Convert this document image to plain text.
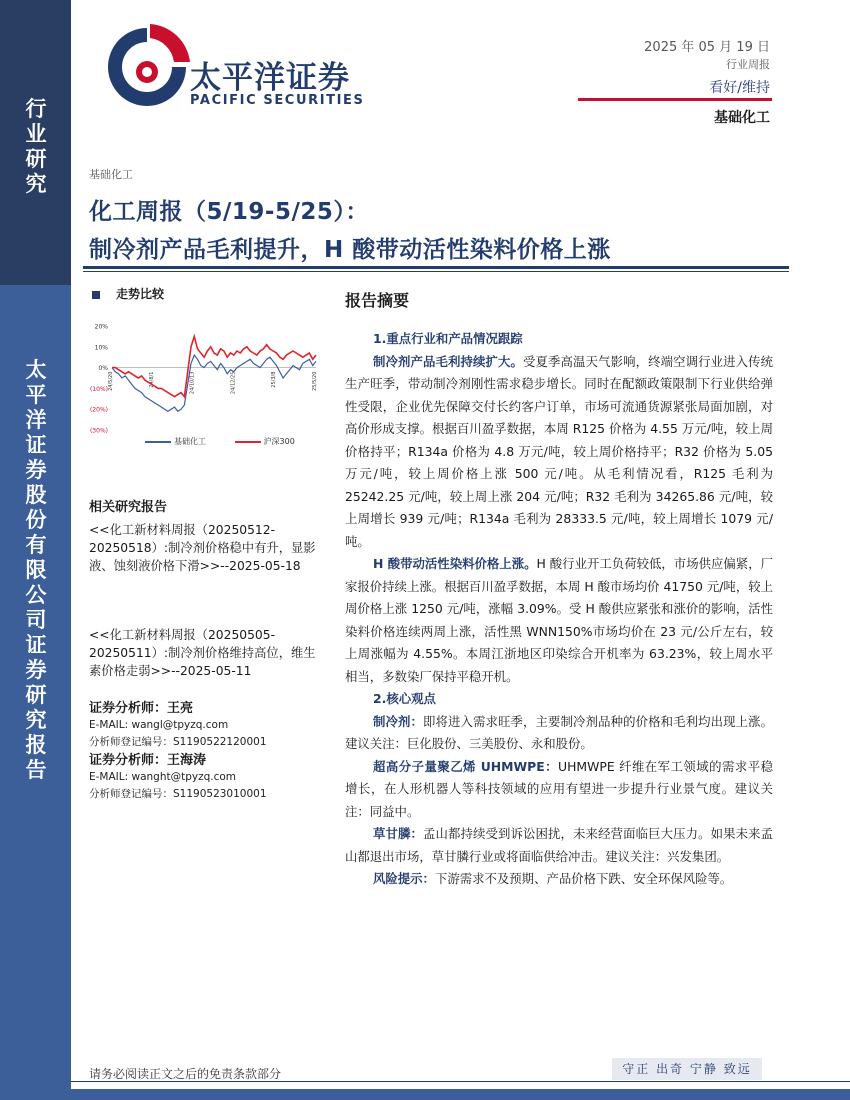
行
业
研
究
太
平
洋
证
券
股
份
有
限
公
司
证
券
研
究
报
告
太平洋证券
PACIFIC SECURITIES
2025 年 05 月 19 日
行业周报
看好/维持
基础化工
基础化工
化工周报（5/19-5/25）：
制冷剂产品毛利提升，H 酸带动活性染料价格上涨
走势比较
20%
10%
0%
(10%)
(20%)
(30%)
24/5/20	24/8/1	24/10/13	24/12/25	25/3/8	25/5/20
基础化工	沪深300
相关研究报告
<<化工新材料周报（20250512-20250518）:制冷剂价格稳中有升，显影液、蚀刻液价格下滑>>--2025-05-18
<<化工新材料周报（20250505-20250511）:制冷剂价格维持高位，维生素价格走弱>>--2025-05-11
证券分析师：王亮
E-MAIL: wangl@tpyzq.com
分析师登记编号：S1190522120001
证券分析师：王海涛
E-MAIL: wanght@tpyzq.com
分析师登记编号：S1190523010001
报告摘要

1.重点行业和产品情况跟踪

制冷剂产品毛利持续扩大。受夏季高温天气影响，终端空调行业进入传统生产旺季，带动制冷剂刚性需求稳步增长。同时在配额政策限制下行业供给弹性受限，企业优先保障交付长约客户订单，市场可流通货源紧张局面加剧，对高价形成支撑。根据百川盈孚数据，本周 R125 价格为 4.55 万元/吨，较上周价格持平；R134a 价格为 4.8 万元/吨，较上周价格持平；R32 价格为 5.05 万元/吨，较上周价格上涨 500 元/吨。从毛利情况看，R125 毛利为 25242.25 元/吨，较上周上涨 204 元/吨；R32 毛利为 34265.86 元/吨，较上周增长 939 元/吨；R134a 毛利为 28333.5 元/吨，较上周增长 1079 元/吨。

H 酸带动活性染料价格上涨。H 酸行业开工负荷较低，市场供应偏紧，厂家报价持续上涨。根据百川盈孚数据，本周 H 酸市场均价 41750 元/吨，较上周价格上涨 1250 元/吨，涨幅 3.09%。受 H 酸供应紧张和涨价的影响，活性染料价格连续两周上涨，活性黑 WNN150%市场均价在 23 元/公斤左右，较上周涨幅为 4.55%。本周江浙地区印染综合开机率为 63.23%，较上周水平相当，多数染厂保持平稳开机。

2.核心观点

制冷剂：即将进入需求旺季，主要制冷剂品种的价格和毛利均出现上涨。建议关注：巨化股份、三美股份、永和股份。

超高分子量聚乙烯 UHMWPE：UHMWPE 纤维在军工领域的需求平稳增长，在人形机器人等科技领域的应用有望进一步提升行业景气度。建议关注：同益中。

草甘膦：孟山都持续受到诉讼困扰，未来经营面临巨大压力。如果未来孟山都退出市场，草甘膦行业或将面临供给冲击。建议关注：兴发集团。

风险提示：下游需求不及预期、产品价格下跌、安全环保风险等。

请务必阅读正文之后的免责条款部分	守正 出奇 宁静 致远
